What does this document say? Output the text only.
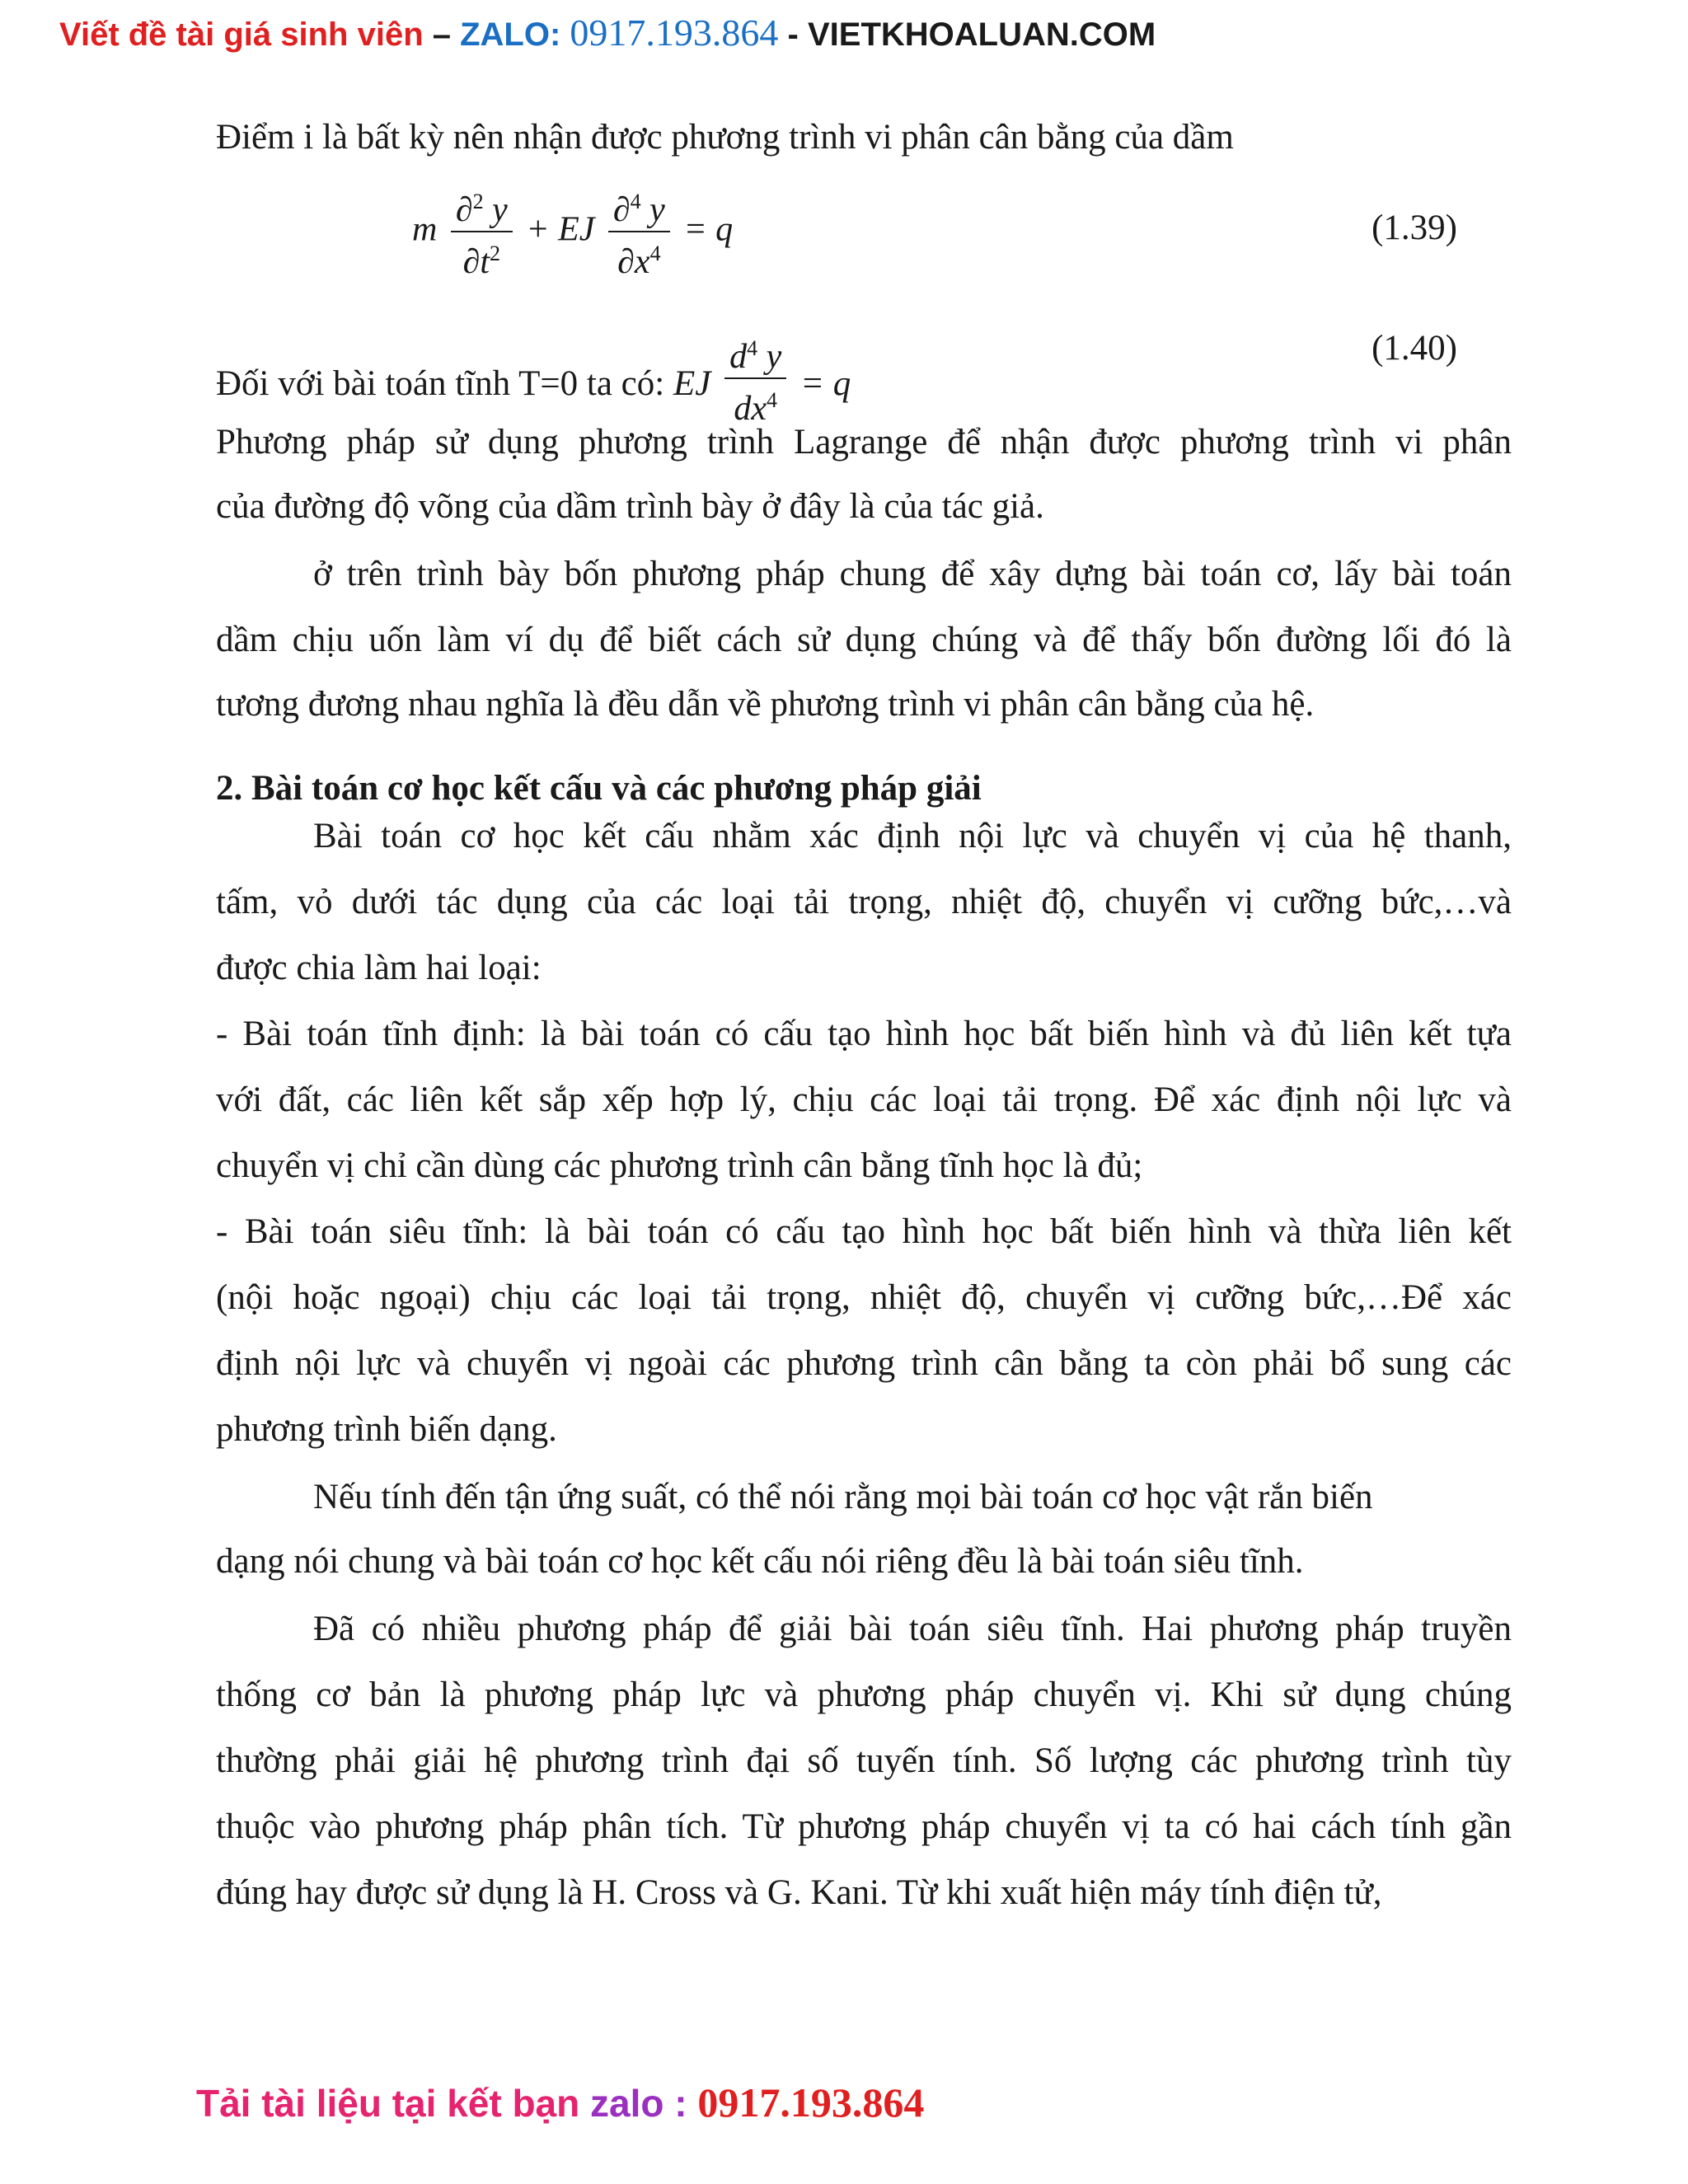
Viết đề tài giá sinh viên – ZALO: 0917.193.864 - VIETKHOALUAN.COM
Điểm i là bất kỳ nên nhận được phương trình vi phân cân bằng của dầm
m $\frac{\partial^2 y}{\partial t^2}$ + EJ $\frac{\partial^4 y}{\partial x^4} = q$	(1.39)
Đối với bài toán tĩnh T=0 ta có: EJ $\frac{d^4 y}{dx^4} = q$
(1.40)
Phương pháp sử dụng phương trình Lagrange để nhận được phương trình vi phân
của đường độ võng của dầm trình bày ở đây là của tác giả.
ở trên trình bày bốn phương pháp chung để xây dựng bài toán cơ, lấy bài toán
dầm chịu uốn làm ví dụ để biết cách sử dụng chúng và để thấy bốn đường lối đó là
tương đương nhau nghĩa là đều dẫn về phương trình vi phân cân bằng của hệ.
2. Bài toán cơ học kết cấu và các phương pháp giải
Bài toán cơ học kết cấu nhằm xác định nội lực và chuyển vị của hệ thanh,
tấm, vỏ dưới tác dụng của các loại tải trọng, nhiệt độ, chuyển vị cưỡng bức,…và
được chia làm hai loại:
- Bài toán tĩnh định: là bài toán có cấu tạo hình học bất biến hình và đủ liên kết tựa
với đất, các liên kết sắp xếp hợp lý, chịu các loại tải trọng. Để xác định nội lực và
chuyển vị chỉ cần dùng các phương trình cân bằng tĩnh học là đủ;
- Bài toán siêu tĩnh: là bài toán có cấu tạo hình học bất biến hình và thừa liên kết
(nội hoặc ngoại) chịu các loại tải trọng, nhiệt độ, chuyển vị cưỡng bức,…Để xác
định nội lực và chuyển vị ngoài các phương trình cân bằng ta còn phải bổ sung các
phương trình biến dạng.
Nếu tính đến tận ứng suất, có thể nói rằng mọi bài toán cơ học vật rắn biến
dạng nói chung và bài toán cơ học kết cấu nói riêng đều là bài toán siêu tĩnh.
Đã có nhiều phương pháp để giải bài toán siêu tĩnh. Hai phương pháp truyền
thống cơ bản là phương pháp lực và phương pháp chuyển vị. Khi sử dụng chúng
thường phải giải hệ phương trình đại số tuyến tính. Số lượng các phương trình tùy
thuộc vào phương pháp phân tích. Từ phương pháp chuyển vị ta có hai cách tính gần
đúng hay được sử dụng là H. Cross và G. Kani. Từ khi xuất hiện máy tính điện tử,
Tải tài liệu tại kết bạn zalo : 0917.193.864
